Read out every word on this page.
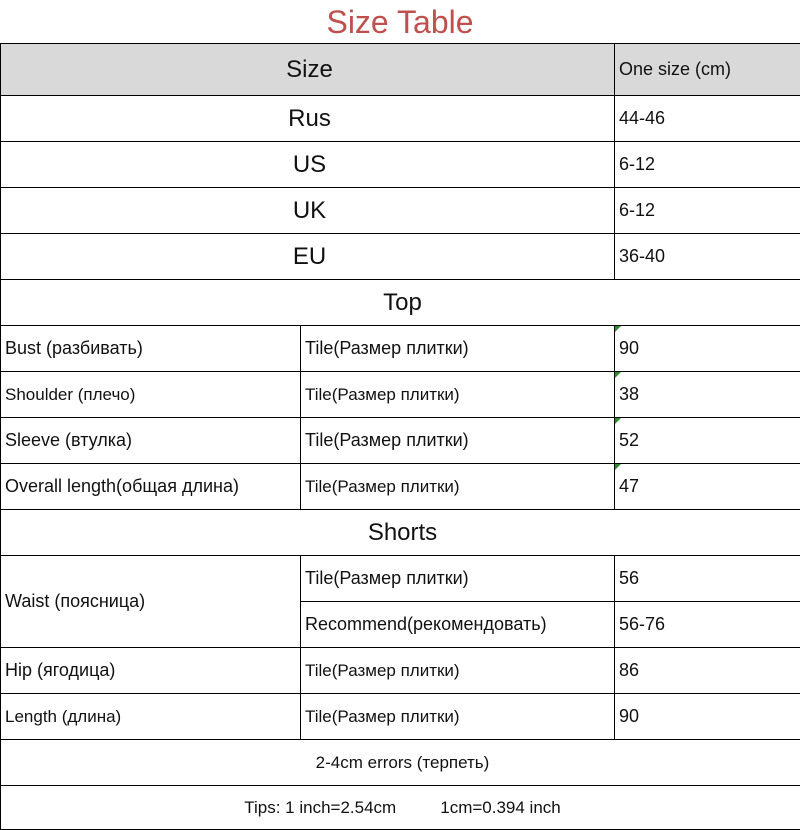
Size Table
Size		One size (cm)
Rus		44-46
US		6-12
UK		6-12
EU		36-40
Top		
Bust (разбивать)	Tile(Размер плитки)	90
Shoulder (плечо)	Tile(Размер плитки)	38
Sleeve (втулка)	Tile(Размер плитки)	52
Overall length(общая длина)	Tile(Размер плитки)	47
Shorts		
Waist (поясница)	Tile(Размер плитки)	56
	Recommend(рекомендовать)	56-76
Hip (ягодица)	Tile(Размер плитки)	86
Length (длина)	Tile(Размер плитки)	90
2-4cm errors (терпеть)		
Tips: 1 inch=2.54cm 1cm=0.394 inch		
